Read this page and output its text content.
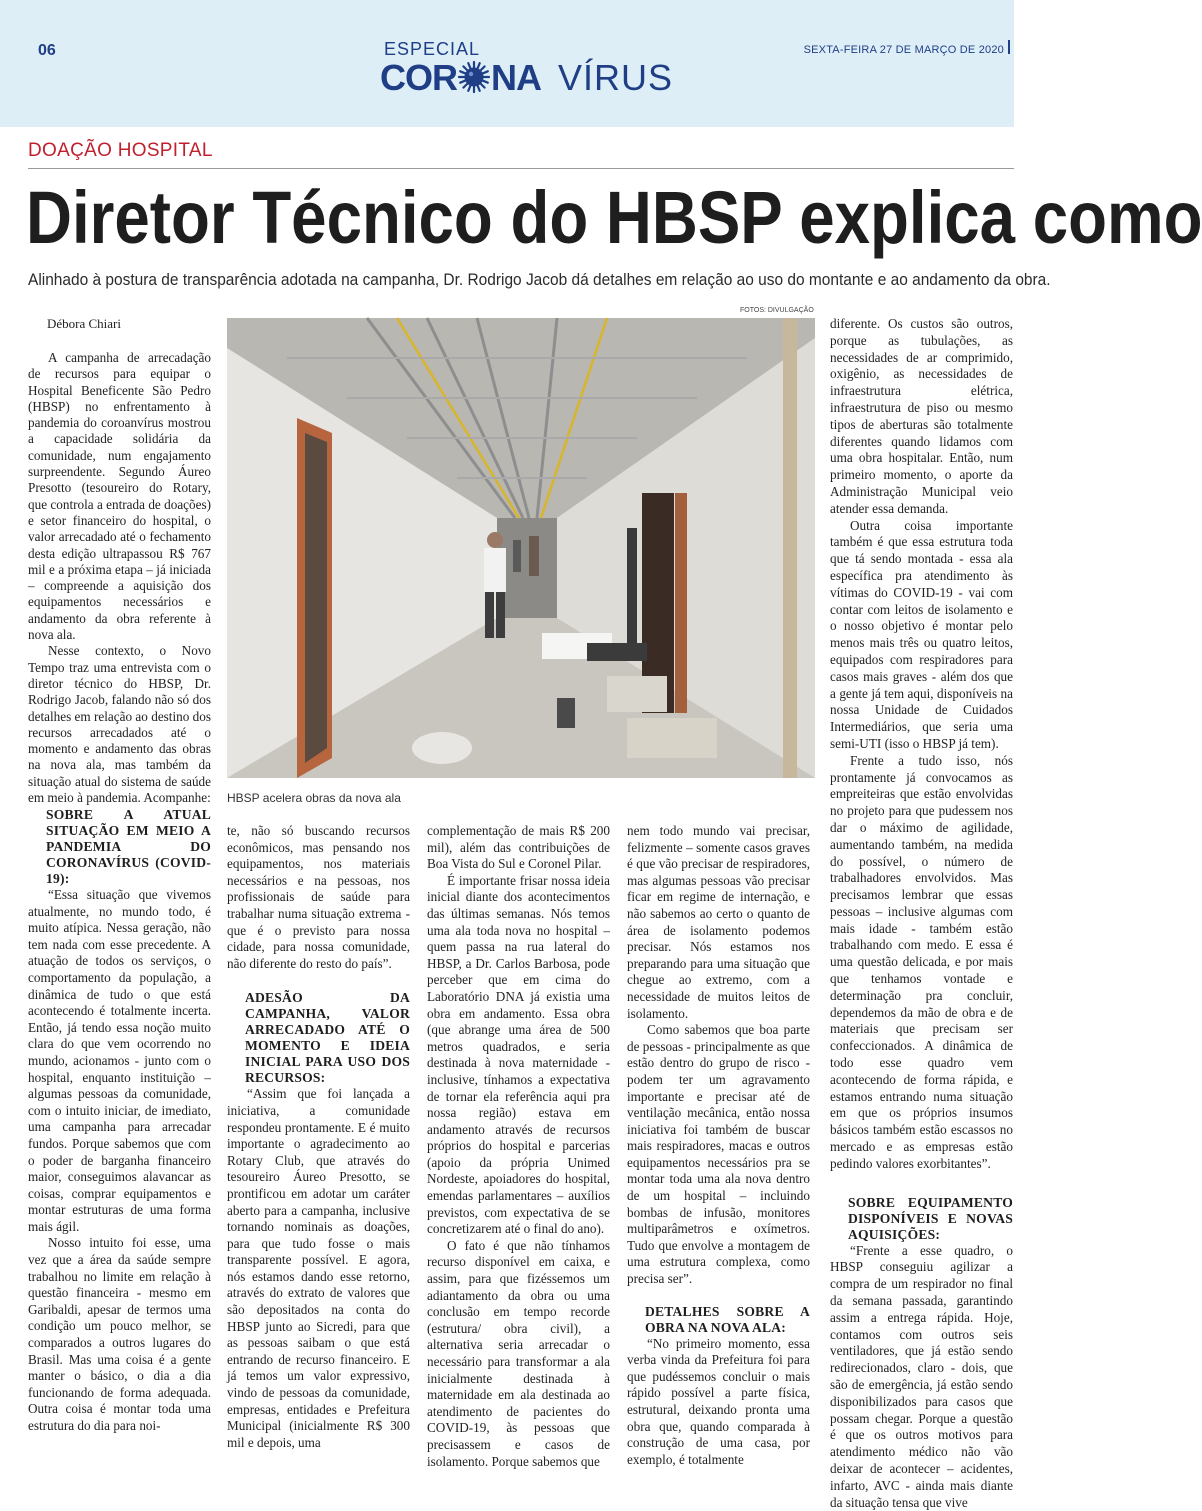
06	SEXTA-FEIRA 27 DE MARÇO DE 2020
ESPECIAL
COR NA VÍRUS
DOAÇÃO HOSPITAL
Diretor Técnico do HBSP explica como
Alinhado à postura de transparência adotada na campanha, Dr. Rodrigo Jacob dá detalhes em relação ao uso do montante e ao andamento da obra.
FOTOS: DIVULGAÇÃO
HBSP acelera obras da nova ala
Débora Chiari

A campanha de arrecadação de recursos para equipar o Hospital Beneficente São Pedro (HBSP) no enfrentamento à pandemia do coroanvírus mostrou a capacidade solidária da comunidade, num engajamento surpreendente. Segundo Áureo Presotto (tesoureiro do Rotary, que controla a entrada de doações) e setor financeiro do hospital, o valor arrecadado até o fechamento desta edição ultrapassou R$ 767 mil e a próxima etapa – já iniciada – compreende a aquisição dos equipamentos necessários e andamento da obra referente à nova ala.

Nesse contexto, o Novo Tempo traz uma entrevista com o diretor técnico do HBSP, Dr. Rodrigo Jacob, falando não só dos detalhes em relação ao destino dos recursos arrecadados até o momento e andamento das obras na nova ala, mas também da situação atual do sistema de saúde em meio à pandemia. Acompanhe:

SOBRE A ATUAL SITUAÇÃO EM MEIO A PANDEMIA DO CORONAVÍRUS (COVID-19):

“Essa situação que vivemos atualmente, no mundo todo, é muito atípica. Nessa geração, não tem nada com esse precedente. A atuação de todos os serviços, o comportamento da população, a dinâmica de tudo o que está acontecendo é totalmente incerta. Então, já tendo essa noção muito clara do que vem ocorrendo no mundo, acionamos - junto com o hospital, enquanto instituição – algumas pessoas da comunidade, com o intuito iniciar, de imediato, uma campanha para arrecadar fundos. Porque sabemos que com o poder de barganha financeiro maior, conseguimos alavancar as coisas, comprar equipamentos e montar estruturas de uma forma mais ágil.

Nosso intuito foi esse, uma vez que a área da saúde sempre trabalhou no limite em relação à questão financeira - mesmo em Garibaldi, apesar de termos uma condição um pouco melhor, se comparados a outros lugares do Brasil. Mas uma coisa é a gente manter o básico, o dia a dia funcionando de forma adequada. Outra coisa é montar toda uma estrutura do dia para noi-

te, não só buscando recursos econômicos, mas pensando nos equipamentos, nos materiais necessários e na pessoas, nos profissionais de saúde para trabalhar numa situação extrema - que é o previsto para nossa cidade, para nossa comunidade, não diferente do resto do país”.

ADESÃO DA CAMPANHA, VALOR ARRECADADO ATÉ O MOMENTO E IDEIA INICIAL PARA USO DOS RECURSOS:

“Assim que foi lançada a iniciativa, a comunidade respondeu prontamente. E é muito importante o agradecimento ao Rotary Club, que através do tesoureiro Áureo Presotto, se prontificou em adotar um caráter aberto para a campanha, inclusive tornando nominais as doações, para que tudo fosse o mais transparente possível. E agora, nós estamos dando esse retorno, através do extrato de valores que são depositados na conta do HBSP junto ao Sicredi, para que as pessoas saibam o que está entrando de recurso financeiro. E já temos um valor expressivo, vindo de pessoas da comunidade, empresas, entidades e Prefeitura Municipal (inicialmente R$ 300 mil e depois, uma

complementação de mais R$ 200 mil), além das contribuições de Boa Vista do Sul e Coronel Pilar.

É importante frisar nossa ideia inicial diante dos acontecimentos das últimas semanas. Nós temos uma ala toda nova no hospital – quem passa na rua lateral do HBSP, a Dr. Carlos Barbosa, pode perceber que em cima do Laboratório DNA já existia uma obra em andamento. Essa obra (que abrange uma área de 500 metros quadrados, e seria destinada à nova maternidade - inclusive, tínhamos a expectativa de tornar ela referência aqui pra nossa região) estava em andamento através de recursos próprios do hospital e parcerias (apoio da própria Unimed Nordeste, apoiadores do hospital, emendas parlamentares – auxílios previstos, com expectativa de se concretizarem até o final do ano).

O fato é que não tínhamos recurso disponível em caixa, e assim, para que fizéssemos um adiantamento da obra ou uma conclusão em tempo recorde (estrutura/ obra civil), a alternativa seria arrecadar o necessário para transformar a ala inicialmente destinada à maternidade em ala destinada ao atendimento de pacientes do COVID-19, às pessoas que precisassem e casos de isolamento. Porque sabemos que

nem todo mundo vai precisar, felizmente – somente casos graves é que vão precisar de respiradores, mas algumas pessoas vão precisar ficar em regime de internação, e não sabemos ao certo o quanto de área de isolamento podemos precisar. Nós estamos nos preparando para uma situação que chegue ao extremo, com a necessidade de muitos leitos de isolamento.

Como sabemos que boa parte de pessoas - principalmente as que estão dentro do grupo de risco - podem ter um agravamento importante e precisar até de ventilação mecânica, então nossa iniciativa foi também de buscar mais respiradores, macas e outros equipamentos necessários pra se montar toda uma ala nova dentro de um hospital – incluindo bombas de infusão, monitores multiparâmetros e oxímetros. Tudo que envolve a montagem de uma estrutura complexa, como precisa ser”.

DETALHES SOBRE A OBRA NA NOVA ALA:

“No primeiro momento, essa verba vinda da Prefeitura foi para que pudéssemos concluir o mais rápido possível a parte física, estrutural, deixando pronta uma obra que, quando comparada à construção de uma casa, por exemplo, é totalmente

diferente. Os custos são outros, porque as tubulações, as necessidades de ar comprimido, oxigênio, as necessidades de infraestrutura elétrica, infraestrutura de piso ou mesmo tipos de aberturas são totalmente diferentes quando lidamos com uma obra hospitalar. Então, num primeiro momento, o aporte da Administração Municipal veio atender essa demanda.

Outra coisa importante também é que essa estrutura toda que tá sendo montada - essa ala específica pra atendimento às vítimas do COVID-19 - vai com contar com leitos de isolamento e o nosso objetivo é montar pelo menos mais três ou quatro leitos, equipados com respiradores para casos mais graves - além dos que a gente já tem aqui, disponíveis na nossa Unidade de Cuidados Intermediários, que seria uma semi-UTI (isso o HBSP já tem).

Frente a tudo isso, nós prontamente já convocamos as empreiteiras que estão envolvidas no projeto para que pudessem nos dar o máximo de agilidade, aumentando também, na medida do possível, o número de trabalhadores envolvidos. Mas precisamos lembrar que essas pessoas – inclusive algumas com mais idade - também estão trabalhando com medo. E essa é uma questão delicada, e por mais que tenhamos vontade e determinação pra concluir, dependemos da mão de obra e de materiais que precisam ser confeccionados. A dinâmica de todo esse quadro vem acontecendo de forma rápida, e estamos entrando numa situação em que os próprios insumos básicos também estão escassos no mercado e as empresas estão pedindo valores exorbitantes”.

SOBRE EQUIPAMENTO DISPONÍVEIS E NOVAS AQUISIÇÕES:

“Frente a esse quadro, o HBSP conseguiu agilizar a compra de um respirador no final da semana passada, garantindo assim a entrega rápida. Hoje, contamos com outros seis ventiladores, que já estão sendo redirecionados, claro - dois, que são de emergência, já estão sendo disponibilizados para casos que possam chegar. Porque a questão é que os outros motivos para atendimento médico não vão deixar de acontecer – acidentes, infarto, AVC - ainda mais diante da situação tensa que vive
